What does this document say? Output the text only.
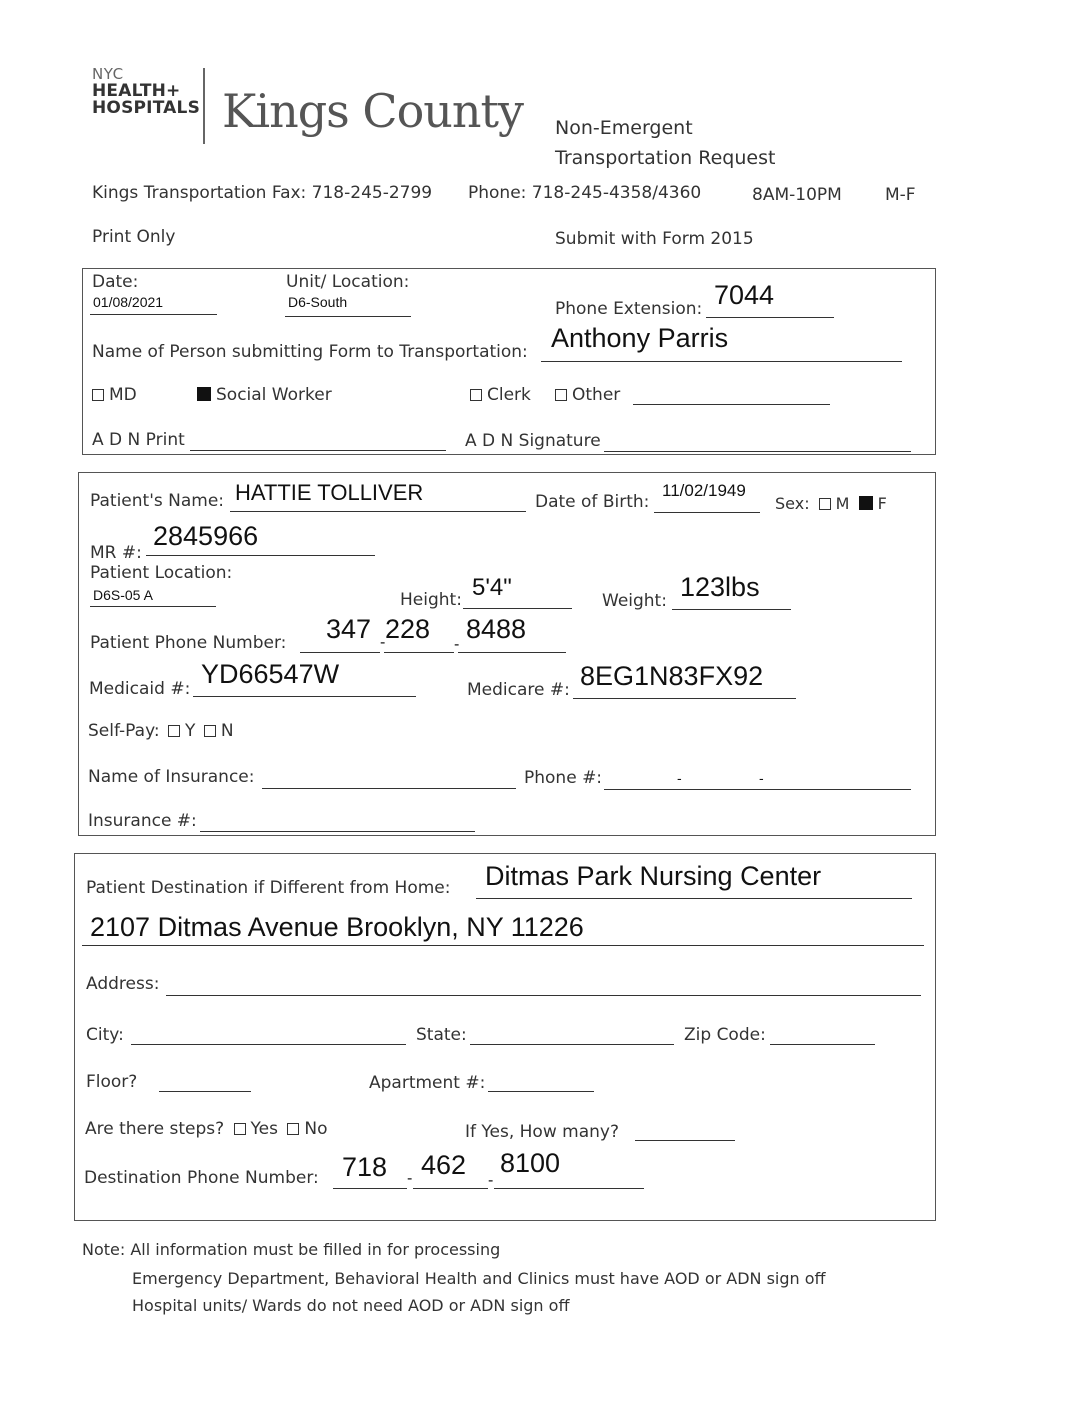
NYC
HEALTH+
HOSPITALS Kings County Non-Emergent
Transportation Request
Kings Transportation Fax: 718-245-2799 Phone: 718-245-4358/4360	8AM-10PM	M-F
Print Only	Submit with Form 2015
Date:
01/08/2021
Unit/ Location:
D6-South	Phone Extension: 7044
Name of Person submitting Form to Transportation: Anthony Parris
MD	Social Worker	Clerk	Other
A D N Print	A D N Signature
Patient's Name: HATTIE TOLLIVER	Date of Birth:
11/02/1949
Sex: M F
MR #:
2845966
Patient Location:
D6S-05 A	Height: 5'4"	Weight: 123lbs
Patient Phone Number: 347 - 228
-
8488
Medicaid #: YD66547W
Medicare #: 8EG1N83FX92
Self-Pay: Y N
Name of Insurance:	Phone #:	-	-
Insurance #:
Patient Destination if Different from Home: Ditmas Park Nursing Center
2107 Ditmas Avenue Brooklyn, NY 11226
Address:
City:	State:	Zip Code:
Floor?	Apartment #:
Are there steps? Yes No	If Yes, How many?
Destination Phone Number: 718 - 462
-
8100
Note: All information must be filled in for processing
Emergency Department, Behavioral Health and Clinics must have AOD or ADN sign off
Hospital units/ Wards do not need AOD or ADN sign off
